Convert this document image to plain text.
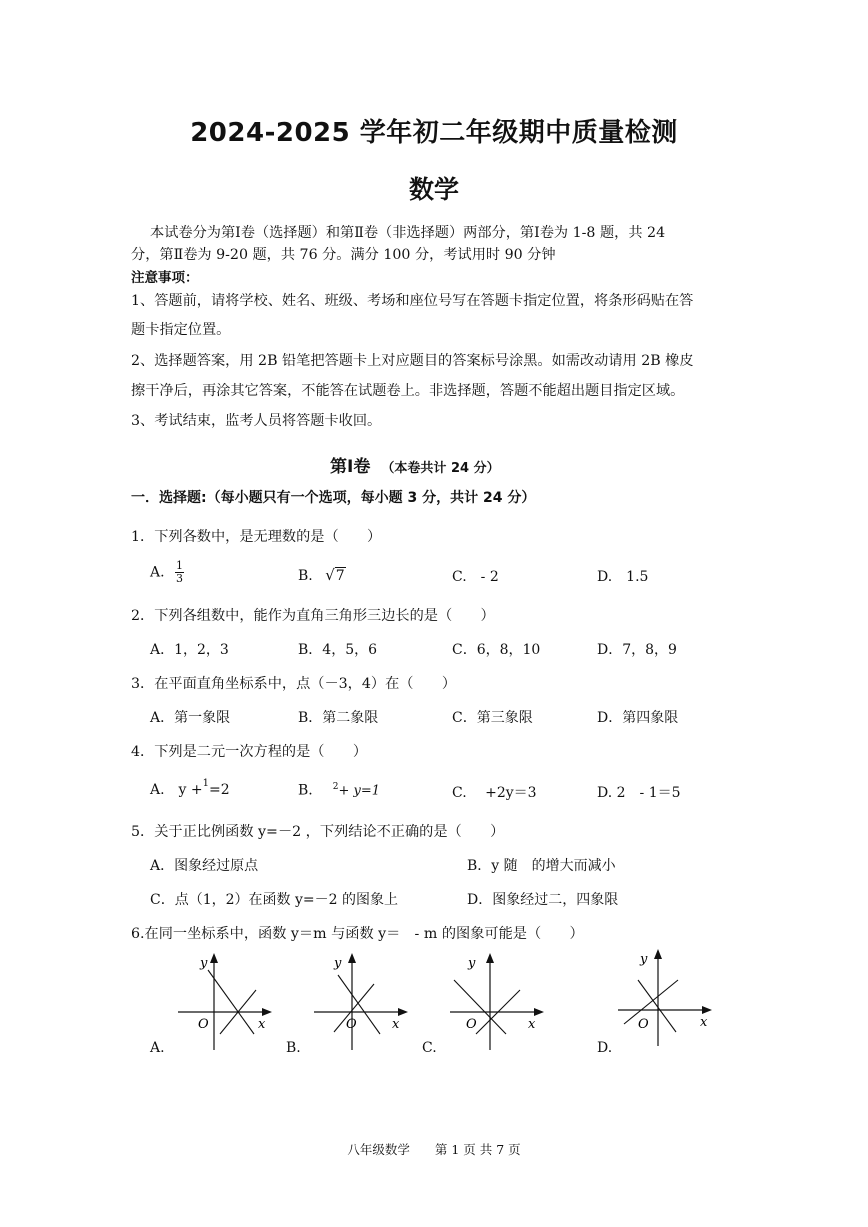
2024-2025 学年初二年级期中质量检测
数学
本试卷分为第Ⅰ卷（选择题）和第Ⅱ卷（非选择题）两部分，第Ⅰ卷为 1-8 题，共 24
分，第Ⅱ卷为 9-20 题，共 76 分。满分 100 分，考试用时 90 分钟
注意事项：
1、答题前，请将学校、姓名、班级、考场和座位号写在答题卡指定位置，将条形码贴在答
题卡指定位置。
2、选择题答案，用 2B 铅笔把答题卡上对应题目的答案标号涂黑。如需改动请用 2B 橡皮
擦干净后，再涂其它答案，不能答在试题卷上。非选择题，答题不能超出题目指定区域。
3、考试结束，监考人员将答题卡收回。
第Ⅰ卷 （本卷共计 24 分）
一．选择题:（每小题只有一个选项，每小题 3 分，共计 24 分）
1．下列各数中，是无理数的是（　　）
A. $\frac{1}{3}$	B. √7	C.　- 2	D.　1.5
2．下列各组数中，能作为直角三角形三边长的是（　　）
A．1，2，3	B．4，5，6	C．6，8，10	D．7，8，9
3．在平面直角坐标系中，点（－3，4）在（　　）
A．第一象限	B．第二象限	C．第三象限	D．第四象限
4．下列是二元一次方程的是（　　）
A.　y +$^1$=2	B. $^2$+ y=1	C.　 +2y＝3	D. 2　- 1＝5
5．关于正比例函数 y=－2 ，下列结论不正确的是（　　）
A．图象经过原点	B．y 随　的增大而减小
C．点（1，2）在函数 y=－2 的图象上	D．图象经过二，四象限
6.在同一坐标系中，函数 y＝m 与函数 y＝　- m 的图象可能是（　　）
y
O	x
A.
y
O	x
B.
y
O	x
C.
y
O	x
D.
八年级数学　　第 1 页 共 7 页
